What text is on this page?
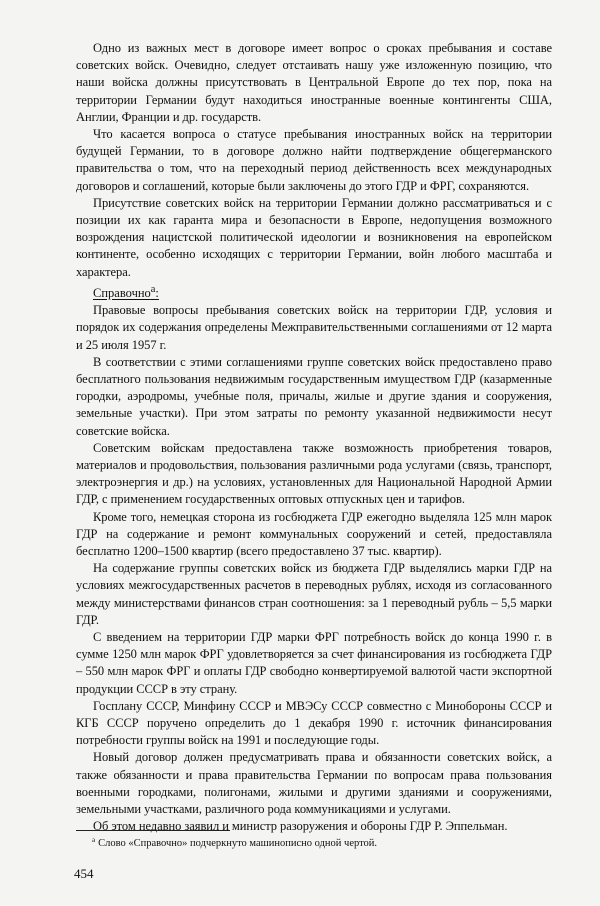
Одно из важных мест в договоре имеет вопрос о сроках пребывания и составе советских войск. Очевидно, следует отстаивать нашу уже изложенную позицию, что наши войска должны присутствовать в Центральной Европе до тех пор, пока на территории Германии будут находиться иностранные военные контингенты США, Англии, Франции и др. государств.

Что касается вопроса о статусе пребывания иностранных войск на территории будущей Германии, то в договоре должно найти подтверждение общегерманского правительства о том, что на переходный период действенность всех международных договоров и соглашений, которые были заключены до этого ГДР и ФРГ, сохраняются.

Присутствие советских войск на территории Германии должно рассматриваться и с позиции их как гаранта мира и безопасности в Европе, недопущения возможного возрождения нацистской политической идеологии и возникновения на европейском континенте, особенно исходящих с территории Германии, войн любого масштаба и характера.

Справочно$^а$:

Правовые вопросы пребывания советских войск на территории ГДР, условия и порядок их содержания определены Межправительственными соглашениями от 12 марта и 25 июля 1957 г.

В соответствии с этими соглашениями группе советских войск предоставлено право бесплатного пользования недвижимым государственным имуществом ГДР (казарменные городки, аэродромы, учебные поля, причалы, жилые и другие здания и сооружения, земельные участки). При этом затраты по ремонту указанной недвижимости несут советские войска.

Советским войскам предоставлена также возможность приобретения товаров, материалов и продовольствия, пользования различными рода услугами (связь, транспорт, электроэнергия и др.) на условиях, установленных для Национальной Народной Армии ГДР, с применением государственных оптовых отпускных цен и тарифов.

Кроме того, немецкая сторона из госбюджета ГДР ежегодно выделяла 125 млн марок ГДР на содержание и ремонт коммунальных сооружений и сетей, предоставляла бесплатно 1200–1500 квартир (всего предоставлено 37 тыс. квартир).

На содержание группы советских войск из бюджета ГДР выделялись марки ГДР на условиях межгосударственных расчетов в переводных рублях, исходя из согласованного между министерствами финансов стран соотношения: за 1 переводный рубль – 5,5 марки ГДР.

С введением на территории ГДР марки ФРГ потребность войск до конца 1990 г. в сумме 1250 млн марок ФРГ удовлетворяется за счет финансирования из госбюджета ГДР – 550 млн марок ФРГ и оплаты ГДР свободно конвертируемой валютой части экспортной продукции СССР в эту страну.

Госплану СССР, Минфину СССР и МВЭСу СССР совместно с Минобороны СССР и КГБ СССР поручено определить до 1 декабря 1990 г. источник финансирования потребности группы войск на 1991 и последующие годы.

Новый договор должен предусматривать права и обязанности советских войск, а также обязанности и права правительства Германии по вопросам права пользования военными городками, полигонами, жилыми и другими зданиями и сооружениями, земельными участками, различного рода коммуникациями и услугами.

Об этом недавно заявил и министр разоружения и обороны ГДР Р. Эппельман.

$^а$ Слово «Справочно» подчеркнуто машинописно одной чертой.
454
